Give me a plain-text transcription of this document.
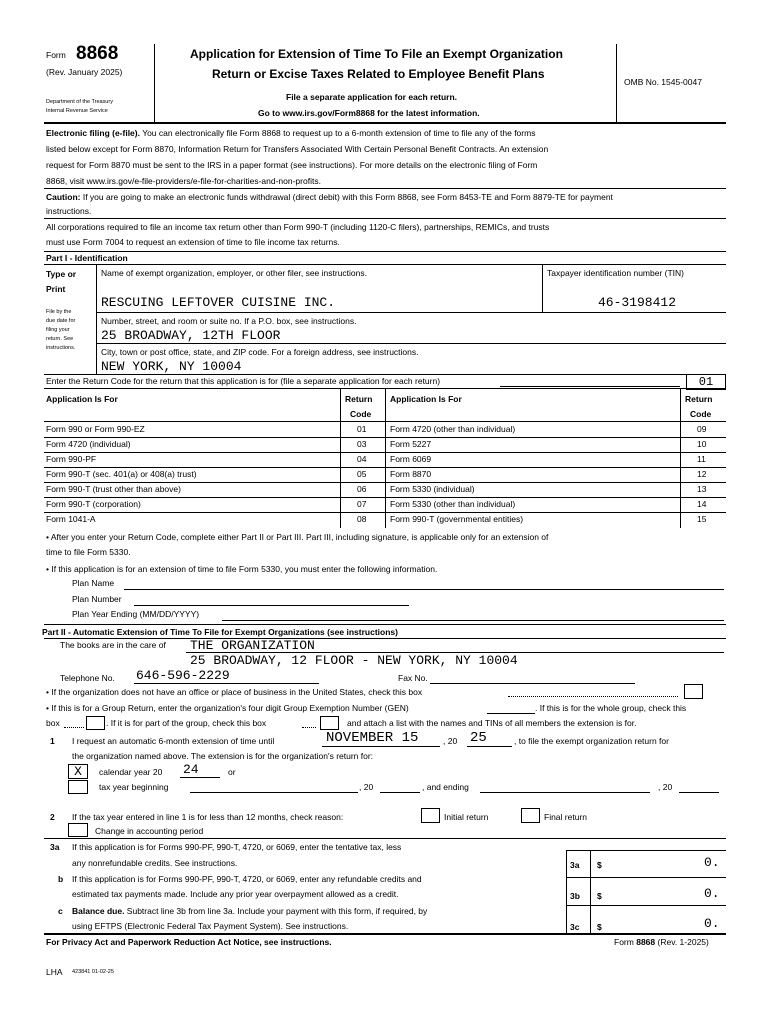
Form 8868
(Rev. January 2025)
Department of the Treasury
Internal Revenue Service
Application for Extension of Time To File an Exempt Organization
Return or Excise Taxes Related to Employee Benefit Plans
File a separate application for each return.
Go to www.irs.gov/Form8868 for the latest information.
OMB No. 1545-0047
Electronic filing (e-file). You can electronically file Form 8868 to request up to a 6-month extension of time to file any of the forms
listed below except for Form 8870, Information Return for Transfers Associated With Certain Personal Benefit Contracts. An extension
request for Form 8870 must be sent to the IRS in a paper format (see instructions). For more details on the electronic filing of Form
8868, visit www.irs.gov/e-file-providers/e-file-for-charities-and-non-profits.
Caution: If you are going to make an electronic funds withdrawal (direct debit) with this Form 8868, see Form 8453-TE and Form 8879-TE for payment
instructions.
All corporations required to file an income tax return other than Form 990-T (including 1120-C filers), partnerships, REMICs, and trusts
must use Form 7004 to request an extension of time to file income tax returns.
Part I - Identification
Type or
Print
File by the
due date for
filing your
return. See
instructions.
Name of exempt organization, employer, or other filer, see instructions.	Taxpayer identification number (TIN)
RESCUING LEFTOVER CUISINE INC.	46-3198412
Number, street, and room or suite no. If a P.O. box, see instructions.
25 BROADWAY, 12TH FLOOR
City, town or post office, state, and ZIP code. For a foreign address, see instructions.
NEW YORK, NY 10004
Enter the Return Code for the return that this application is for (file a separate application for each return)	01
Application Is For	Return
Code
Application Is For	Return
Code
Form 990 or Form 990-EZ	01	Form 4720 (other than individual)	09
Form 4720 (individual)	03	Form 5227	10
Form 990-PF	04	Form 6069	11
Form 990-T (sec. 401(a) or 408(a) trust)	05	Form 8870	12
Form 990-T (trust other than above)	06	Form 5330 (individual)	13
Form 990-T (corporation)	07	Form 5330 (other than individual)	14
Form 1041-A	08	Form 990-T (governmental entities)	15
• After you enter your Return Code, complete either Part II or Part III. Part III, including signature, is applicable only for an extension of
time to file Form 5330.
• If this application is for an extension of time to file Form 5330, you must enter the following information.
Plan Name
Plan Number
Plan Year Ending (MM/DD/YYYY)
Part II - Automatic Extension of Time To File for Exempt Organizations (see instructions)
The books are in the care of THE ORGANIZATION
25 BROADWAY, 12 FLOOR - NEW YORK, NY 10004
Telephone No. 646-596-2229	Fax No.
• If the organization does not have an office or place of business in the United States, check this box
• If this is for a Group Return, enter the organization's four digit Group Exemption Number (GEN)	. If this is for the whole group, check this
box	. If it is for part of the group, check this box	and attach a list with the names and TINs of all members the extension is for.
1 I request an automatic 6-month extension of time until	NOVEMBER 15	, 20 25	, to file the exempt organization return for
the organization named above. The extension is for the organization's return for:
X	calendar year 20 24	or
tax year beginning	, 20	, and ending	, 20
2 If the tax year entered in line 1 is for less than 12 months, check reason:	Initial return	Final return
Change in accounting period
3a If this application is for Forms 990-PF, 990-T, 4720, or 6069, enter the tentative tax, less
any nonrefundable credits. See instructions.	3a $	0.
b If this application is for Forms 990-PF, 990-T, 4720, or 6069, enter any refundable credits and
estimated tax payments made. Include any prior year overpayment allowed as a credit.	3b $	0.
c Balance due. Subtract line 3b from line 3a. Include your payment with this form, if required, by
using EFTPS (Electronic Federal Tax Payment System). See instructions.	3c $	0.
For Privacy Act and Paperwork Reduction Act Notice, see instructions.	Form 8868 (Rev. 1-2025)
LHA 423841 01-02-25
